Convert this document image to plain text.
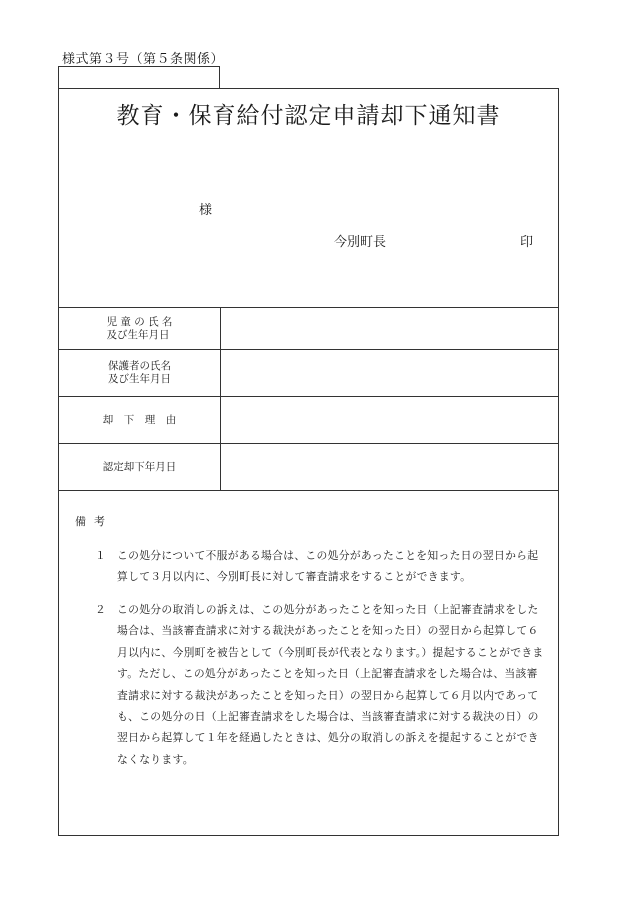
様式第３号（第５条関係）
教育・保育給付認定申請却下通知書
様
今別町長	印
児 童 の 氏 名
及び生年月日
保護者の氏名
及び生年月日
却　下　理　由
認定却下年月日
備考
１ この処分について不服がある場合は、この処分があったことを知った日の翌日から起算して３月以内に、今別町長に対して審査請求をすることができます。
２ この処分の取消しの訴えは、この処分があったことを知った日（上記審査請求をした場合は、当該審査請求に対する裁決があったことを知った日）の翌日から起算して６月以内に、今別町を被告として（今別町長が代表となります。）提起することができます。ただし、この処分があったことを知った日（上記審査請求をした場合は、当該審査請求に対する裁決があったことを知った日）の翌日から起算して６月以内であっても、この処分の日（上記審査請求をした場合は、当該審査請求に対する裁決の日）の翌日から起算して１年を経過したときは、処分の取消しの訴えを提起することができなくなります。
